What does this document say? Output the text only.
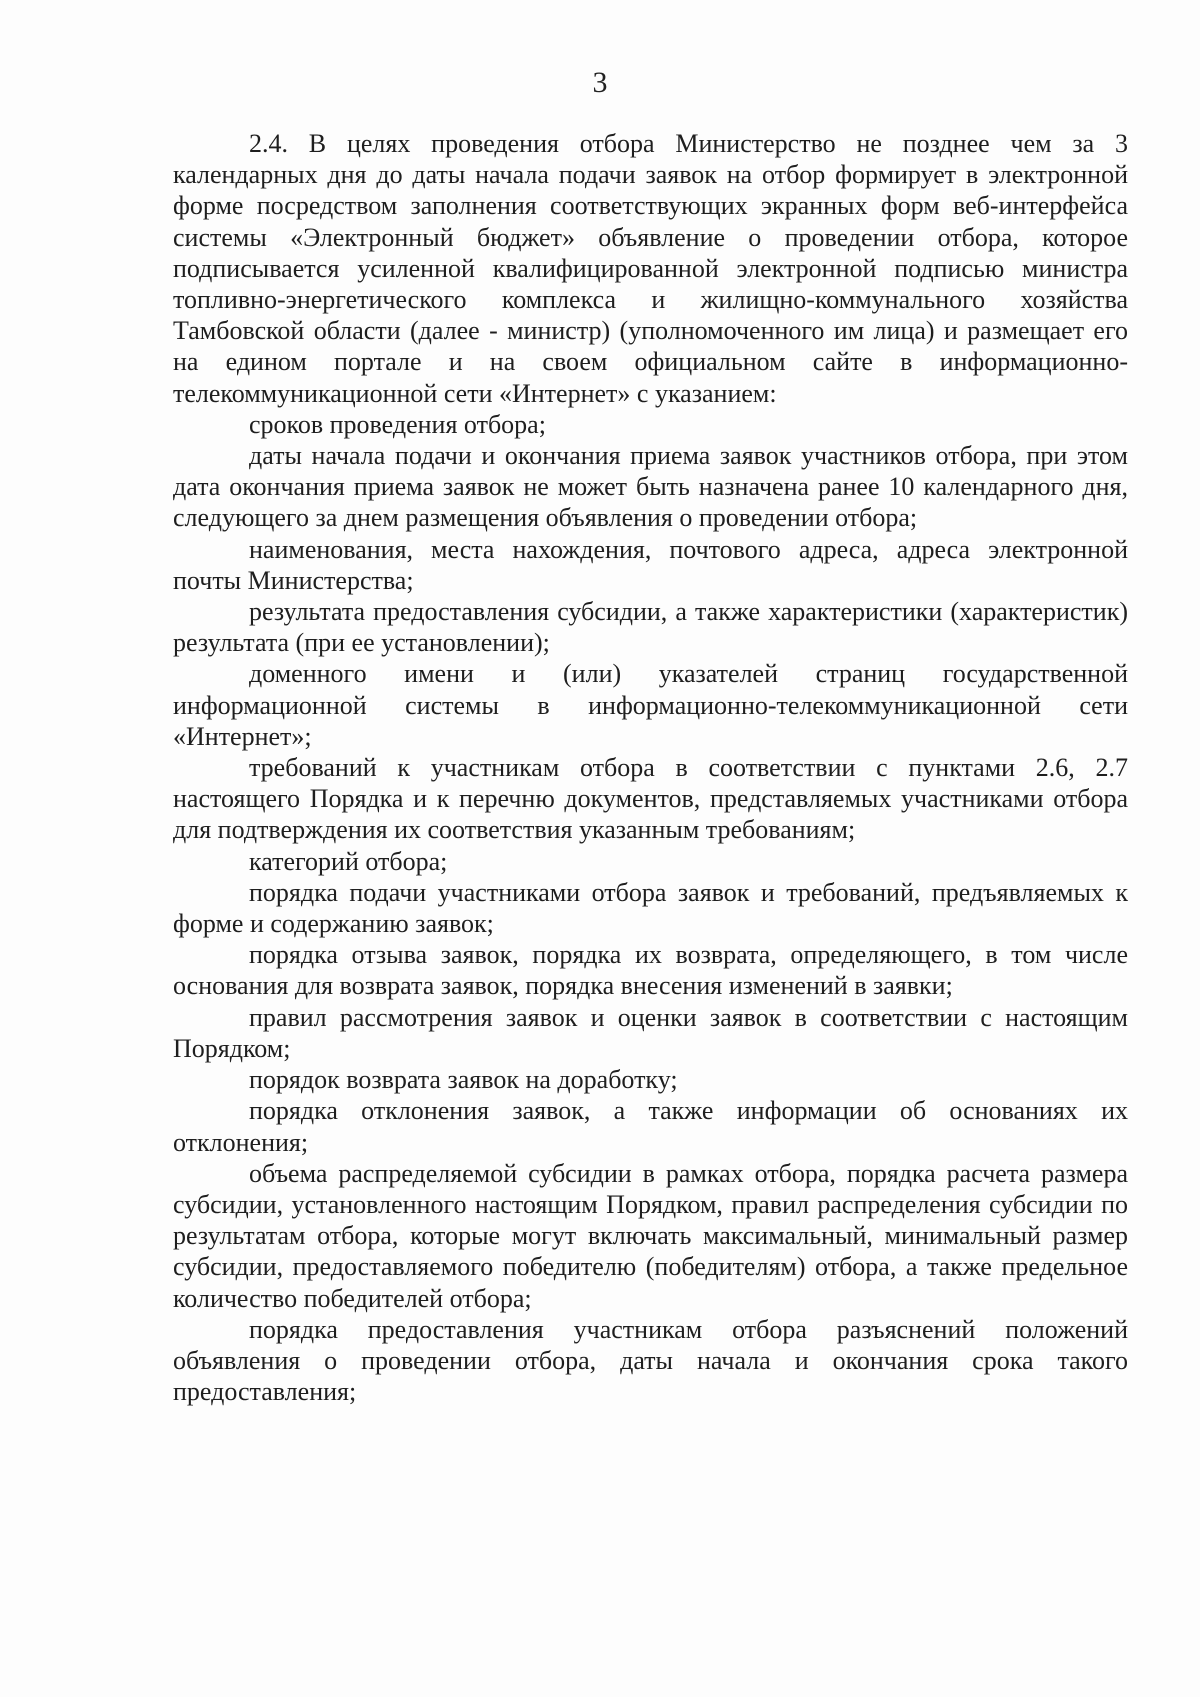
3

2.4. В целях проведения отбора Министерство не позднее чем за 3 календарных дня до даты начала подачи заявок на отбор формирует в электронной форме посредством заполнения соответствующих экранных форм веб-интерфейса системы «Электронный бюджет» объявление о проведении отбора, которое подписывается усиленной квалифицированной электронной подписью министра топливно-энергетического комплекса и жилищно-коммунального хозяйства Тамбовской области (далее - министр) (уполномоченного им лица) и размещает его на едином портале и на своем официальном сайте в информационно-телекоммуникационной сети «Интернет» с указанием:

сроков проведения отбора;

даты начала подачи и окончания приема заявок участников отбора, при этом дата окончания приема заявок не может быть назначена ранее 10 календарного дня, следующего за днем размещения объявления о проведении отбора;

наименования, места нахождения, почтового адреса, адреса электронной почты Министерства;

результата предоставления субсидии, а также характеристики (характеристик) результата (при ее установлении);

доменного имени и (или) указателей страниц государственной информационной системы в информационно-телекоммуникационной сети «Интернет»;

требований к участникам отбора в соответствии с пунктами 2.6, 2.7 настоящего Порядка и к перечню документов, представляемых участниками отбора для подтверждения их соответствия указанным требованиям;

категорий отбора;

порядка подачи участниками отбора заявок и требований, предъявляемых к форме и содержанию заявок;

порядка отзыва заявок, порядка их возврата, определяющего, в том числе основания для возврата заявок, порядка внесения изменений в заявки;

правил рассмотрения заявок и оценки заявок в соответствии с настоящим Порядком;

порядок возврата заявок на доработку;

порядка отклонения заявок, а также информации об основаниях их отклонения;

объема распределяемой субсидии в рамках отбора, порядка расчета размера субсидии, установленного настоящим Порядком, правил распределения субсидии по результатам отбора, которые могут включать максимальный, минимальный размер субсидии, предоставляемого победителю (победителям) отбора, а также предельное количество победителей отбора;

порядка предоставления участникам отбора разъяснений положений объявления о проведении отбора, даты начала и окончания срока такого предоставления;
